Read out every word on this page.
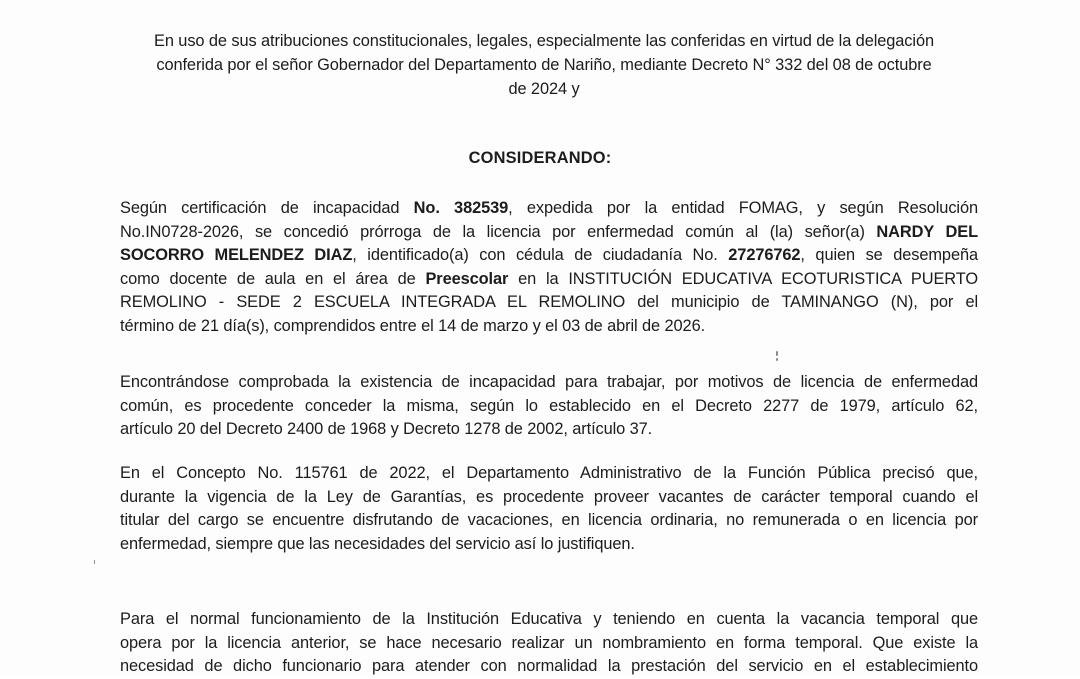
En uso de sus atribuciones constitucionales, legales, especialmente las conferidas en virtud de la delegación
conferida por el señor Gobernador del Departamento de Nariño, mediante Decreto N° 332 del 08 de octubre
de 2024 y
CONSIDERANDO:
Según certificación de incapacidad No. 382539, expedida por la entidad FOMAG, y según Resolución
No.IN0728-2026, se concedió prórroga de la licencia por enfermedad común al (la) señor(a) NARDY DEL
SOCORRO MELENDEZ DIAZ, identificado(a) con cédula de ciudadanía No. 27276762, quien se desempeña
como docente de aula en el área de Preescolar en la INSTITUCIÓN EDUCATIVA ECOTURISTICA PUERTO
REMOLINO - SEDE 2 ESCUELA INTEGRADA EL REMOLINO del municipio de TAMINANGO (N), por el
término de 21 día(s), comprendidos entre el 14 de marzo y el 03 de abril de 2026.
Encontrándose comprobada la existencia de incapacidad para trabajar, por motivos de licencia de enfermedad
común, es procedente conceder la misma, según lo establecido en el Decreto 2277 de 1979, artículo 62,
artículo 20 del Decreto 2400 de 1968 y Decreto 1278 de 2002, artículo 37.
En el Concepto No. 115761 de 2022, el Departamento Administrativo de la Función Pública precisó que,
durante la vigencia de la Ley de Garantías, es procedente proveer vacantes de carácter temporal cuando el
titular del cargo se encuentre disfrutando de vacaciones, en licencia ordinaria, no remunerada o en licencia por
enfermedad, siempre que las necesidades del servicio así lo justifiquen.
Para el normal funcionamiento de la Institución Educativa y teniendo en cuenta la vacancia temporal que
opera por la licencia anterior, se hace necesario realizar un nombramiento en forma temporal. Que existe la
necesidad de dicho funcionario para atender con normalidad la prestación del servicio en el establecimiento
